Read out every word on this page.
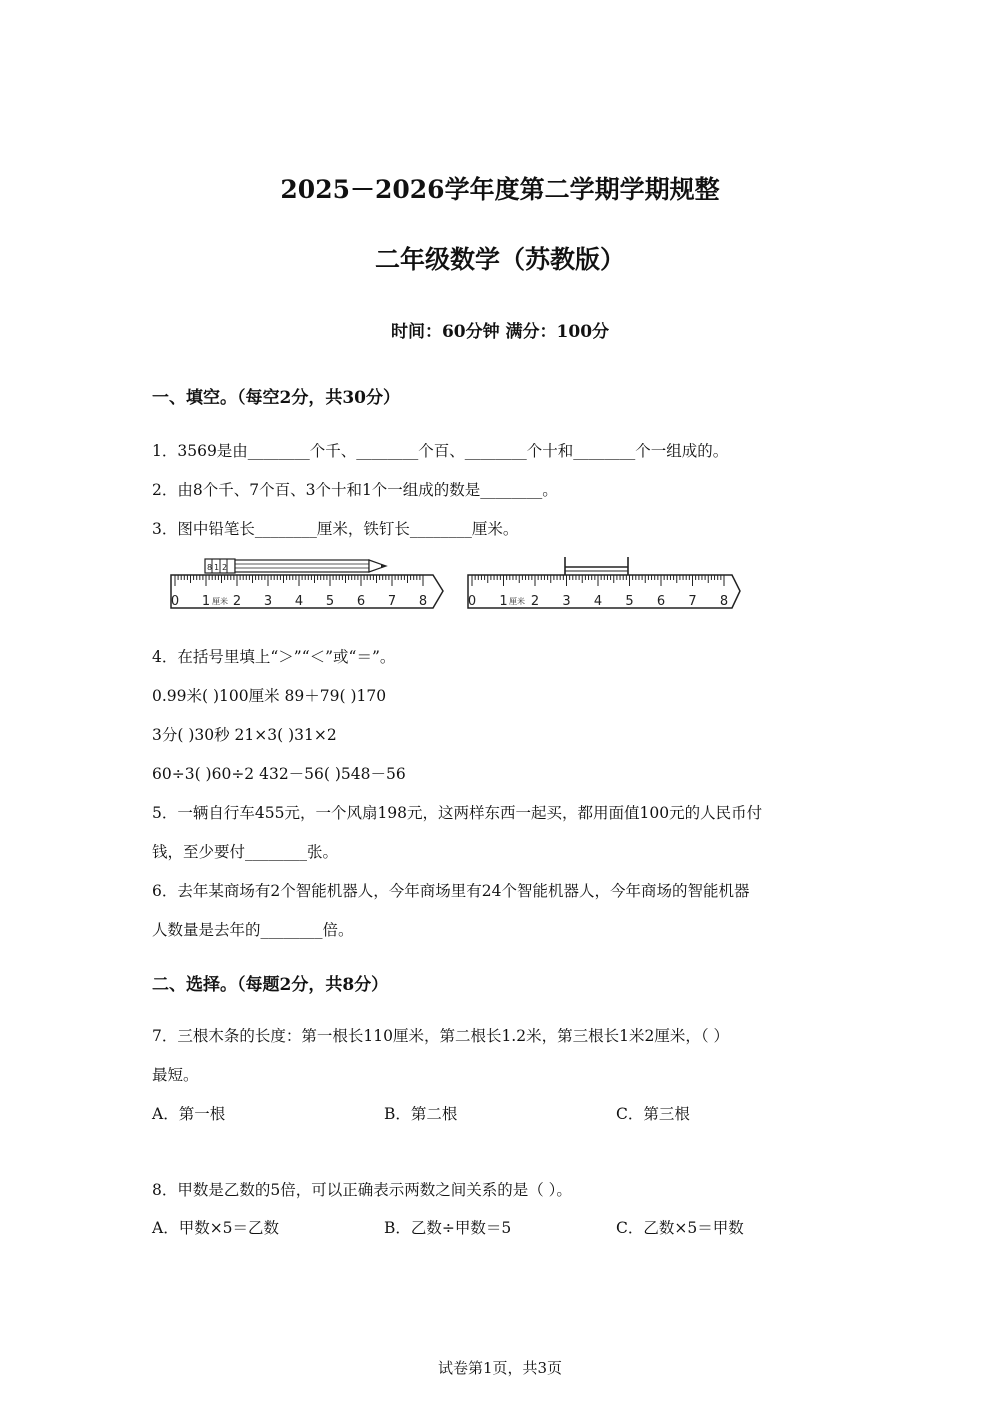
2025－2026学年度第二学期学期规整
二年级数学（苏教版）
时间：60分钟 满分：100分
一、填空。（每空2分，共30分）
1．3569是由________个千、________个百、________个十和________个一组成的。
2．由8个千、7个百、3个十和1个一组成的数是________。
3．图中铅笔长________厘米，铁钉长________厘米。
0 1 2 3 4 5 6 7 8
厘米
8 1 2
0 1 2 3 4 5 6 7 8
厘米
4．在括号里填上“＞”“＜”或“＝”。
0.99米( )100厘米 89＋79( )170
3分( )30秒 21×3( )31×2
60÷3( )60÷2 432－56( )548－56
5．一辆自行车455元，一个风扇198元，这两样东西一起买，都用面值100元的人民币付
钱，至少要付________张。
6．去年某商场有2个智能机器人，今年商场里有24个智能机器人，今年商场的智能机器
人数量是去年的________倍。
二、选择。（每题2分，共8分）
7．三根木条的长度：第一根长110厘米，第二根长1.2米，第三根长1米2厘米，（ ）
最短。
A．第一根	B．第二根	C．第三根
8．甲数是乙数的5倍，可以正确表示两数之间关系的是（ ）。
A．甲数×5＝乙数	B．乙数÷甲数＝5	C．乙数×5＝甲数
试卷第1页，共3页
